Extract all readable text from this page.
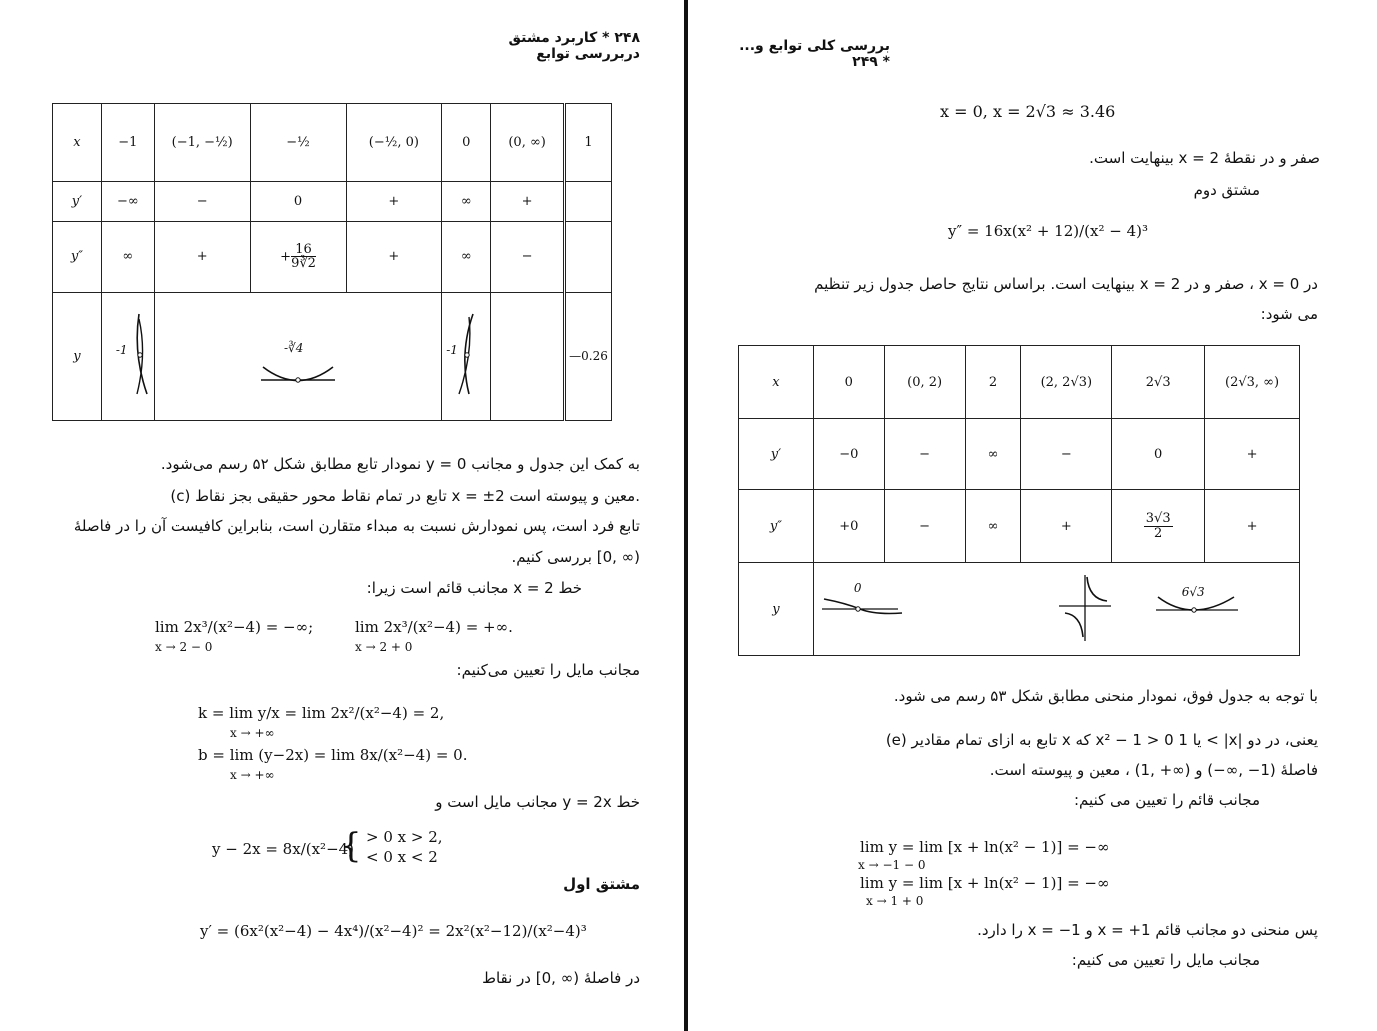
۲۴۸ * کاربرد مشتق دربررسی توابع
x	−1	(−1, −½)	−½	(−½, 0)	0	(0, ∞)	1
y′	−∞	−	0	+	∞	+	
y″	∞	+	+ $\frac{16}{9∛2}$	+	∞	−	
y	-1		-∛4		-1		—0.26
به کمک این جدول و مجانب y = 0 نمودار تابع مطابق شکل ۵۲ رسم می‌شود.
(c) تابع در تمام نقاط محور حقیقی بجز نقاط x = ±2 معین و پیوسته است.
تابع فرد است، پس نمودارش نسبت به مبداء متقارن است، بنابراین کافیست آن را در فاصلهٔ
(∞ ,0] بررسی کنیم.
خط x = 2 مجانب قائم است زیرا:
lim 2x³/(x²−4) = −∞;
x → 2 − 0
lim 2x³/(x²−4) = +∞.
x → 2 + 0
مجانب مایل را تعیین می‌کنیم:
k = lim y/x = lim 2x²/(x²−4) = 2,
x → +∞
b = lim (y−2x) = lim 8x/(x²−4) = 0.
x → +∞
خط y = 2x مجانب مایل است و
y − 2x = 8x/(x²−4)
{ > 0 x > 2,
< 0 x < 2
مشتق اول
y′ = (6x²(x²−4) − 4x⁴)/(x²−4)² = 2x²(x²−12)/(x²−4)³
در فاصلهٔ (∞ ,0] در نقاط
بررسی کلی توابع و... * ۲۴۹
x = 0, x = 2√3 ≈ 3.46
صفر و در نقطهٔ x = 2 بینهایت است.
مشتق دوم
y″ = 16x(x² + 12)/(x² − 4)³
در x = 0 ، صفر و در 2 = x بینهایت است. براساس نتایج حاصل جدول زیر تنظیم
می شود:
x	0	(0, 2)	2	(2, 2√3)	2√3	(2√3, ∞)
y′	−0	−	∞	−	0	+
y″	+0	−	∞	+	$\frac{3√3}{2}$	+
y	0				6√3	
با توجه به جدول فوق، نمودار منحنی مطابق شکل ۵۳ رسم می شود.
(e) تابع به ازای تمام مقادیر x که x² − 1 > 0 یا 1 < |x| یعنی، در دو
فاصلهٔ (1− ,∞−) و (∞+ ,1) ، معین و پیوسته است.
مجانب قائم را تعیین می کنیم:
lim y = lim [x + ln(x² − 1)] = −∞
x → −1 − 0
lim y = lim [x + ln(x² − 1)] = −∞
x → 1 + 0
پس منحنی دو مجانب قائم x = +1 و x = −1 را دارد.
مجانب مایل را تعیین می کنیم:
